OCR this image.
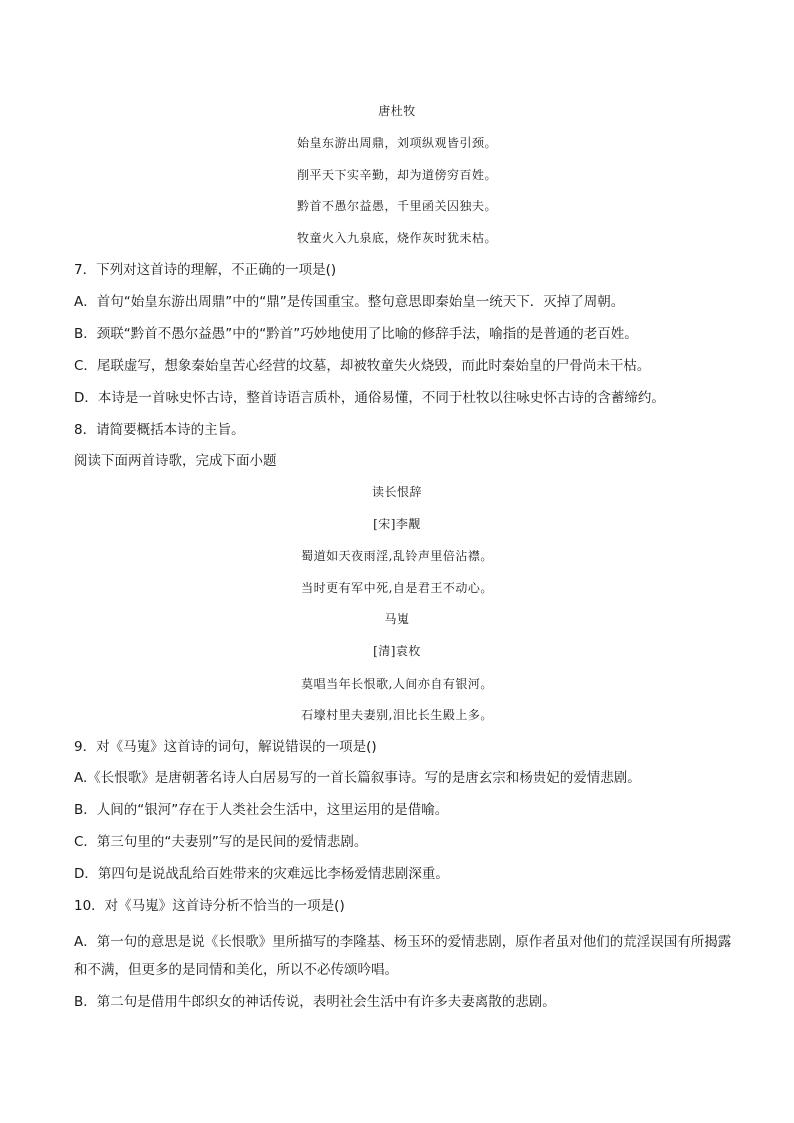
唐杜牧
始皇东游出周鼎，刘项纵观皆引颈。
削平天下实辛勤，却为道傍穷百姓。
黔首不愚尔益愚，千里函关囚独夫。
牧童火入九泉底，烧作灰时犹未枯。
7．下列对这首诗的理解，不正确的一项是()
A．首句“始皇东游出周鼎”中的“鼎”是传国重宝。整句意思即秦始皇一统天下．灭掉了周朝。
B．颈联“黔首不愚尔益愚”中的“黔首”巧妙地使用了比喻的修辞手法，喻指的是普通的老百姓。
C．尾联虚写，想象秦始皇苦心经营的坟墓，却被牧童失火烧毁，而此时秦始皇的尸骨尚未干枯。
D．本诗是一首咏史怀古诗，整首诗语言质朴，通俗易懂，不同于杜牧以往咏史怀古诗的含蓄缔约。
8．请简要概括本诗的主旨。
阅读下面两首诗歌，完成下面小题
读长恨辞
[宋]李觏
蜀道如天夜雨淫,乱铃声里倍沾襟。
当时更有军中死,自是君王不动心。
马嵬
[清]袁枚
莫唱当年长恨歌,人间亦自有银河。
石壕村里夫妻别,泪比长生殿上多。
9．对《马嵬》这首诗的词句，解说错误的一项是()
A.《长恨歌》是唐朝著名诗人白居易写的一首长篇叙事诗。写的是唐玄宗和杨贵妃的爱情悲剧。
B．人间的“银河”存在于人类社会生活中，这里运用的是借喻。
C．第三句里的“夫妻别”写的是民间的爱情悲剧。
D．第四句是说战乱给百姓带来的灾难远比李杨爱情悲剧深重。
10．对《马嵬》这首诗分析不恰当的一项是()
A．第一句的意思是说《长恨歌》里所描写的李隆基、杨玉环的爱情悲剧，原作者虽对他们的荒淫误国有所揭露和不满，但更多的是同情和美化，所以不必传颂吟唱。
B．第二句是借用牛郎织女的神话传说，表明社会生活中有许多夫妻离散的悲剧。
